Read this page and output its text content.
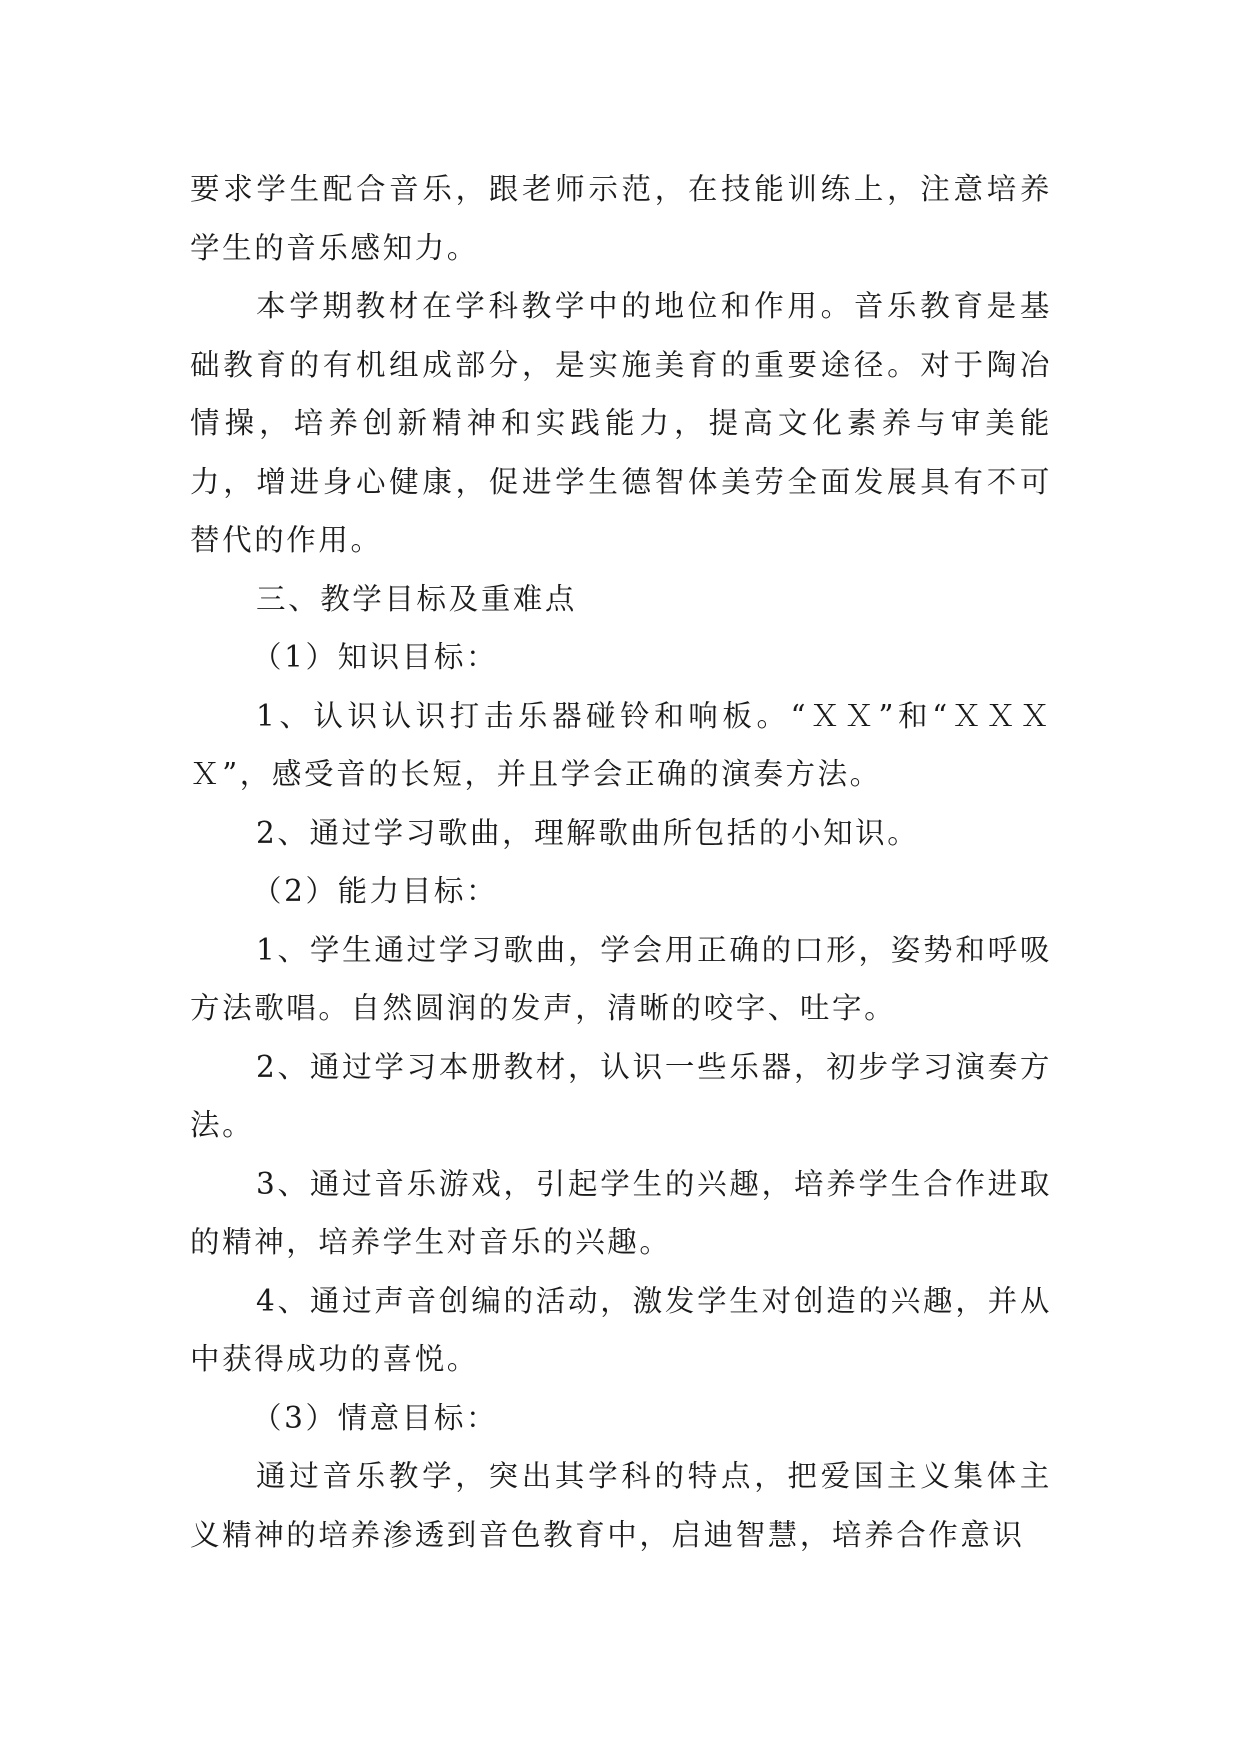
要求学生配合音乐，跟老师示范，在技能训练上，注意培养学生的音乐感知力。

本学期教材在学科教学中的地位和作用。音乐教育是基础教育的有机组成部分，是实施美育的重要途径。对于陶冶情操，培养创新精神和实践能力，提高文化素养与审美能力，增进身心健康，促进学生德智体美劳全面发展具有不可替代的作用。

三、教学目标及重难点

（1）知识目标：

1、认识认识打击乐器碰铃和响板。“ＸＸ”和“ＸＸＸＸ”，感受音的长短，并且学会正确的演奏方法。

2、通过学习歌曲，理解歌曲所包括的小知识。

（2）能力目标：

1、学生通过学习歌曲，学会用正确的口形，姿势和呼吸方法歌唱。自然圆润的发声，清晰的咬字、吐字。

2、通过学习本册教材，认识一些乐器，初步学习演奏方法。

3、通过音乐游戏，引起学生的兴趣，培养学生合作进取的精神，培养学生对音乐的兴趣。

4、通过声音创编的活动，激发学生对创造的兴趣，并从中获得成功的喜悦。

（3）情意目标：

通过音乐教学，突出其学科的特点，把爱国主义集体主义精神的培养渗透到音色教育中，启迪智慧，培养合作意识
